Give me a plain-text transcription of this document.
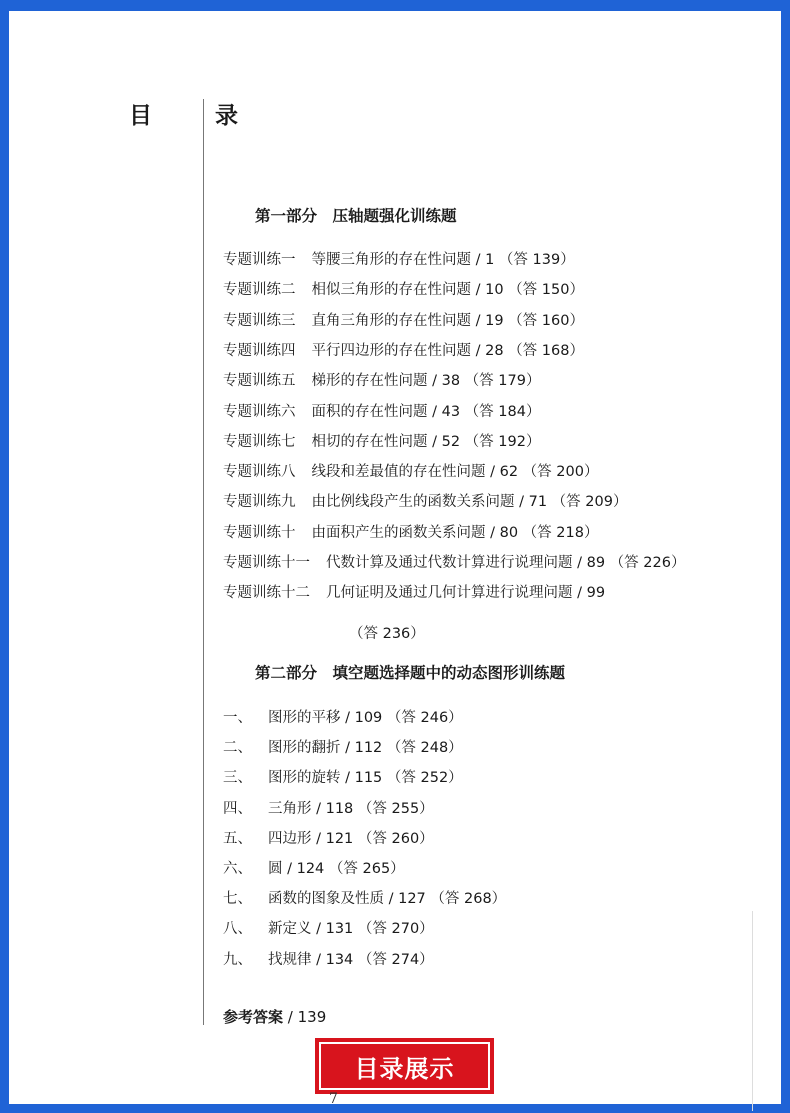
目　录
第一部分　压轴题强化训练题

专题训练一 等腰三角形的存在性问题 / 1 （答 139）

专题训练二 相似三角形的存在性问题 / 10 （答 150）

专题训练三 直角三角形的存在性问题 / 19 （答 160）

专题训练四 平行四边形的存在性问题 / 28 （答 168）

专题训练五 梯形的存在性问题 / 38 （答 179）

专题训练六 面积的存在性问题 / 43 （答 184）

专题训练七 相切的存在性问题 / 52 （答 192）

专题训练八 线段和差最值的存在性问题 / 62 （答 200）

专题训练九 由比例线段产生的函数关系问题 / 71 （答 209）

专题训练十 由面积产生的函数关系问题 / 80 （答 218）

专题训练十一 代数计算及通过代数计算进行说理问题 / 89 （答 226）

专题训练十二 几何证明及通过几何计算进行说理问题 / 99

（答 236）

第二部分　填空题选择题中的动态图形训练题

一、 图形的平移 / 109 （答 246）

二、 图形的翻折 / 112 （答 248）

三、 图形的旋转 / 115 （答 252）

四、 三角形 / 118 （答 255）

五、 四边形 / 121 （答 260）

六、 圆 / 124 （答 265）

七、 函数的图象及性质 / 127 （答 268）

八、 新定义 / 131 （答 270）

九、 找规律 / 134 （答 274）

参考答案 / 139

目录展示
7
